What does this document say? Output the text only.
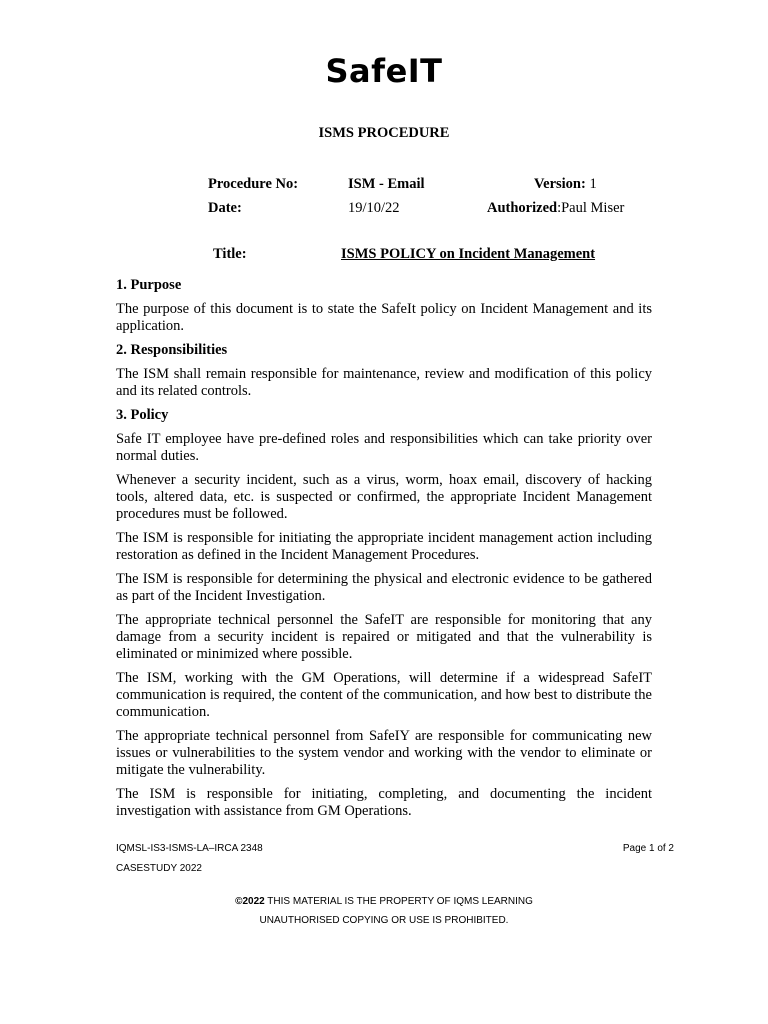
SafeIT
ISMS PROCEDURE
Procedure No:	ISM - Email	Version: 1
Date:	19/10/22	Authorized:Paul Miser
Title:	ISMS POLICY on Incident Management
1. Purpose

The purpose of this document is to state the SafeIt policy on Incident Management and its application.

2. Responsibilities

The ISM shall remain responsible for maintenance, review and modification of this policy and its related controls.

3. Policy

Safe IT employee have pre-defined roles and responsibilities which can take priority over normal duties.

Whenever a security incident, such as a virus, worm, hoax email, discovery of hacking tools, altered data, etc. is suspected or confirmed, the appropriate Incident Management procedures must be followed.

The ISM is responsible for initiating the appropriate incident management action including restoration as defined in the Incident Management Procedures.

The ISM is responsible for determining the physical and electronic evidence to be gathered as part of the Incident Investigation.

The appropriate technical personnel the SafeIT are responsible for monitoring that any damage from a security incident is repaired or mitigated and that the vulnerability is eliminated or minimized where possible.

The ISM, working with the GM Operations, will determine if a widespread SafeIT communication is required, the content of the communication, and how best to distribute the communication.

The appropriate technical personnel from SafeIY are responsible for communicating new issues or vulnerabilities to the system vendor and working with the vendor to eliminate or mitigate the vulnerability.

The ISM is responsible for initiating, completing, and documenting the incident investigation with assistance from GM Operations.

IQMSL-IS3-ISMS-LA–IRCA 2348
CASESTUDY 2022
Page 1 of 2
©2022 THIS MATERIAL IS THE PROPERTY OF IQMS LEARNING
UNAUTHORISED COPYING OR USE IS PROHIBITED.
